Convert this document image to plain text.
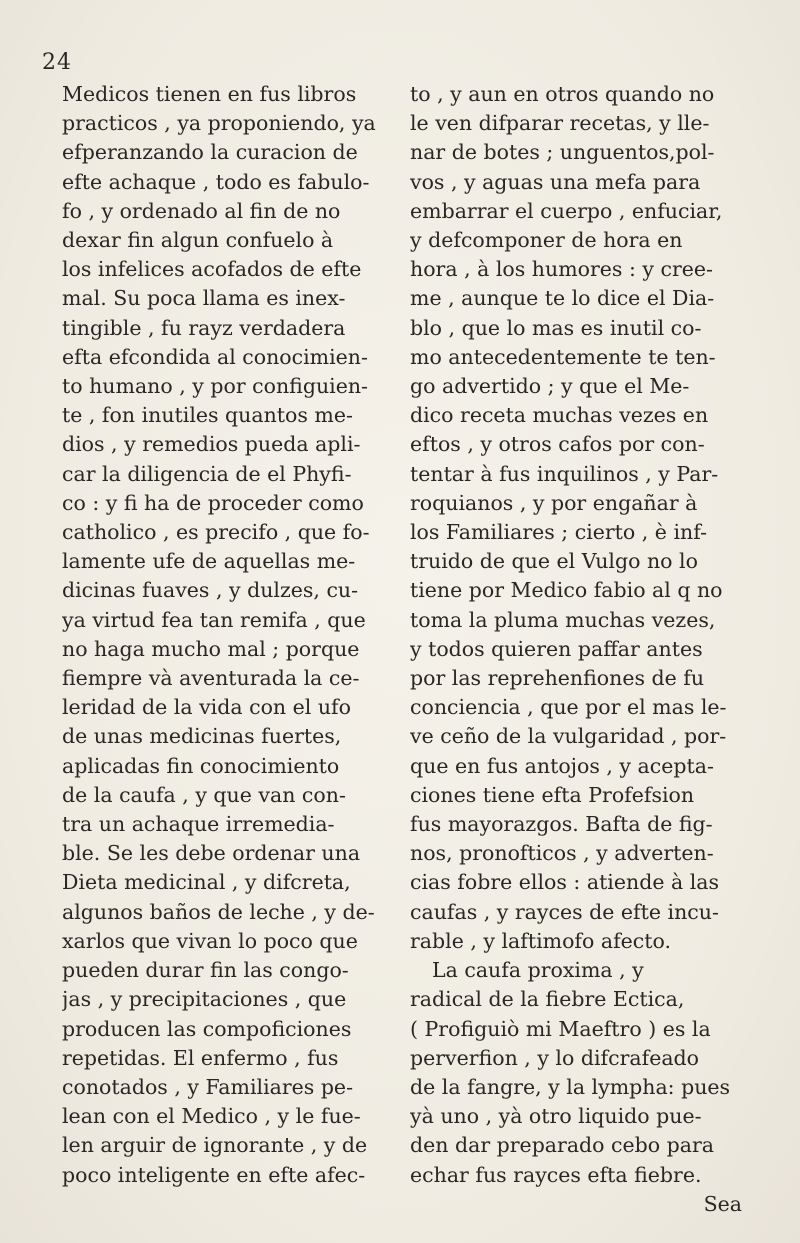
24
Medicos tienen en fus libros
practicos , ya proponiendo, ya
efperanzando la curacion de
efte achaque , todo es fabulo-
fo , y ordenado al fin de no
dexar fin algun confuelo à
los infelices acofados de efte
mal. Su poca llama es inex-
tingible , fu rayz verdadera
efta efcondida al conocimien-
to humano , y por configuien-
te , fon inutiles quantos me-
dios , y remedios pueda apli-
car la diligencia de el Phyfi-
co : y fi ha de proceder como
catholico , es precifo , que fo-
lamente ufe de aquellas me-
dicinas fuaves , y dulzes, cu-
ya virtud fea tan remifa , que
no haga mucho mal ; porque
fiempre và aventurada la ce-
leridad de la vida con el ufo
de unas medicinas fuertes,
aplicadas fin conocimiento
de la caufa , y que van con-
tra un achaque irremedia-
ble. Se les debe ordenar una
Dieta medicinal , y difcreta,
algunos baños de leche , y de-
xarlos que vivan lo poco que
pueden durar fin las congo-
jas , y precipitaciones , que
producen las compoficiones
repetidas. El enfermo , fus
conotados , y Familiares pe-
lean con el Medico , y le fue-
len arguir de ignorante , y de
poco inteligente en efte afec-
to , y aun en otros quando no
le ven difparar recetas, y lle-
nar de botes ; unguentos,pol-
vos , y aguas una mefa para
embarrar el cuerpo , enfuciar,
y defcomponer de hora en
hora , à los humores : y cree-
me , aunque te lo dice el Dia-
blo , que lo mas es inutil co-
mo antecedentemente te ten-
go advertido ; y que el Me-
dico receta muchas vezes en
eftos , y otros cafos por con-
tentar à fus inquilinos , y Par-
roquianos , y por engañar à
los Familiares ; cierto , è inf-
truido de que el Vulgo no lo
tiene por Medico fabio al q no
toma la pluma muchas vezes,
y todos quieren paffar antes
por las reprehenfiones de fu
conciencia , que por el mas le-
ve ceño de la vulgaridad , por-
que en fus antojos , y acepta-
ciones tiene efta Profefsion
fus mayorazgos. Bafta de fig-
nos, pronofticos , y adverten-
cias fobre ellos : atiende à las
caufas , y rayces de efte incu-
rable , y laftimofo afecto.
La caufa proxima , y
radical de la fiebre Ectica,
( Profiguiò mi Maeftro ) es la
perverfion , y lo difcrafeado
de la fangre, y la lympha: pues
yà uno , yà otro liquido pue-
den dar preparado cebo para
echar fus rayces efta fiebre.
Sea
